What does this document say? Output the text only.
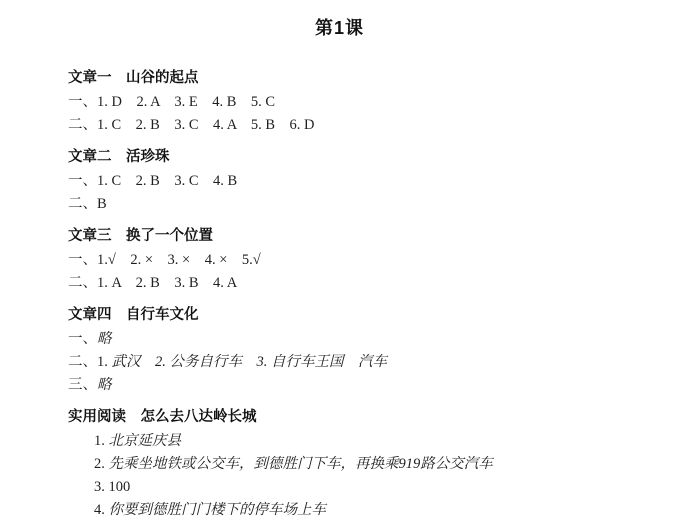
第1课
文章一　山谷的起点

一、1. D　2. A　3. E　4. B　5. C

二、1. C　2. B　3. C　4. A　5. B　6. D

文章二　活珍珠

一、1. C　2. B　3. C　4. B

二、B

文章三　换了一个位置

一、1.√　2. ×　3. ×　4. ×　5.√

二、1. A　2. B　3. B　4. A

文章四　自行车文化

一、略

二、1. 武汉　2. 公务自行车　3. 自行车王国　汽车

三、略

实用阅读　怎么去八达岭长城

1. 北京延庆县

2. 先乘坐地铁或公交车，到德胜门下车，再换乘919路公交汽车

3. 100

4. 你要到德胜门门楼下的停车场上车
